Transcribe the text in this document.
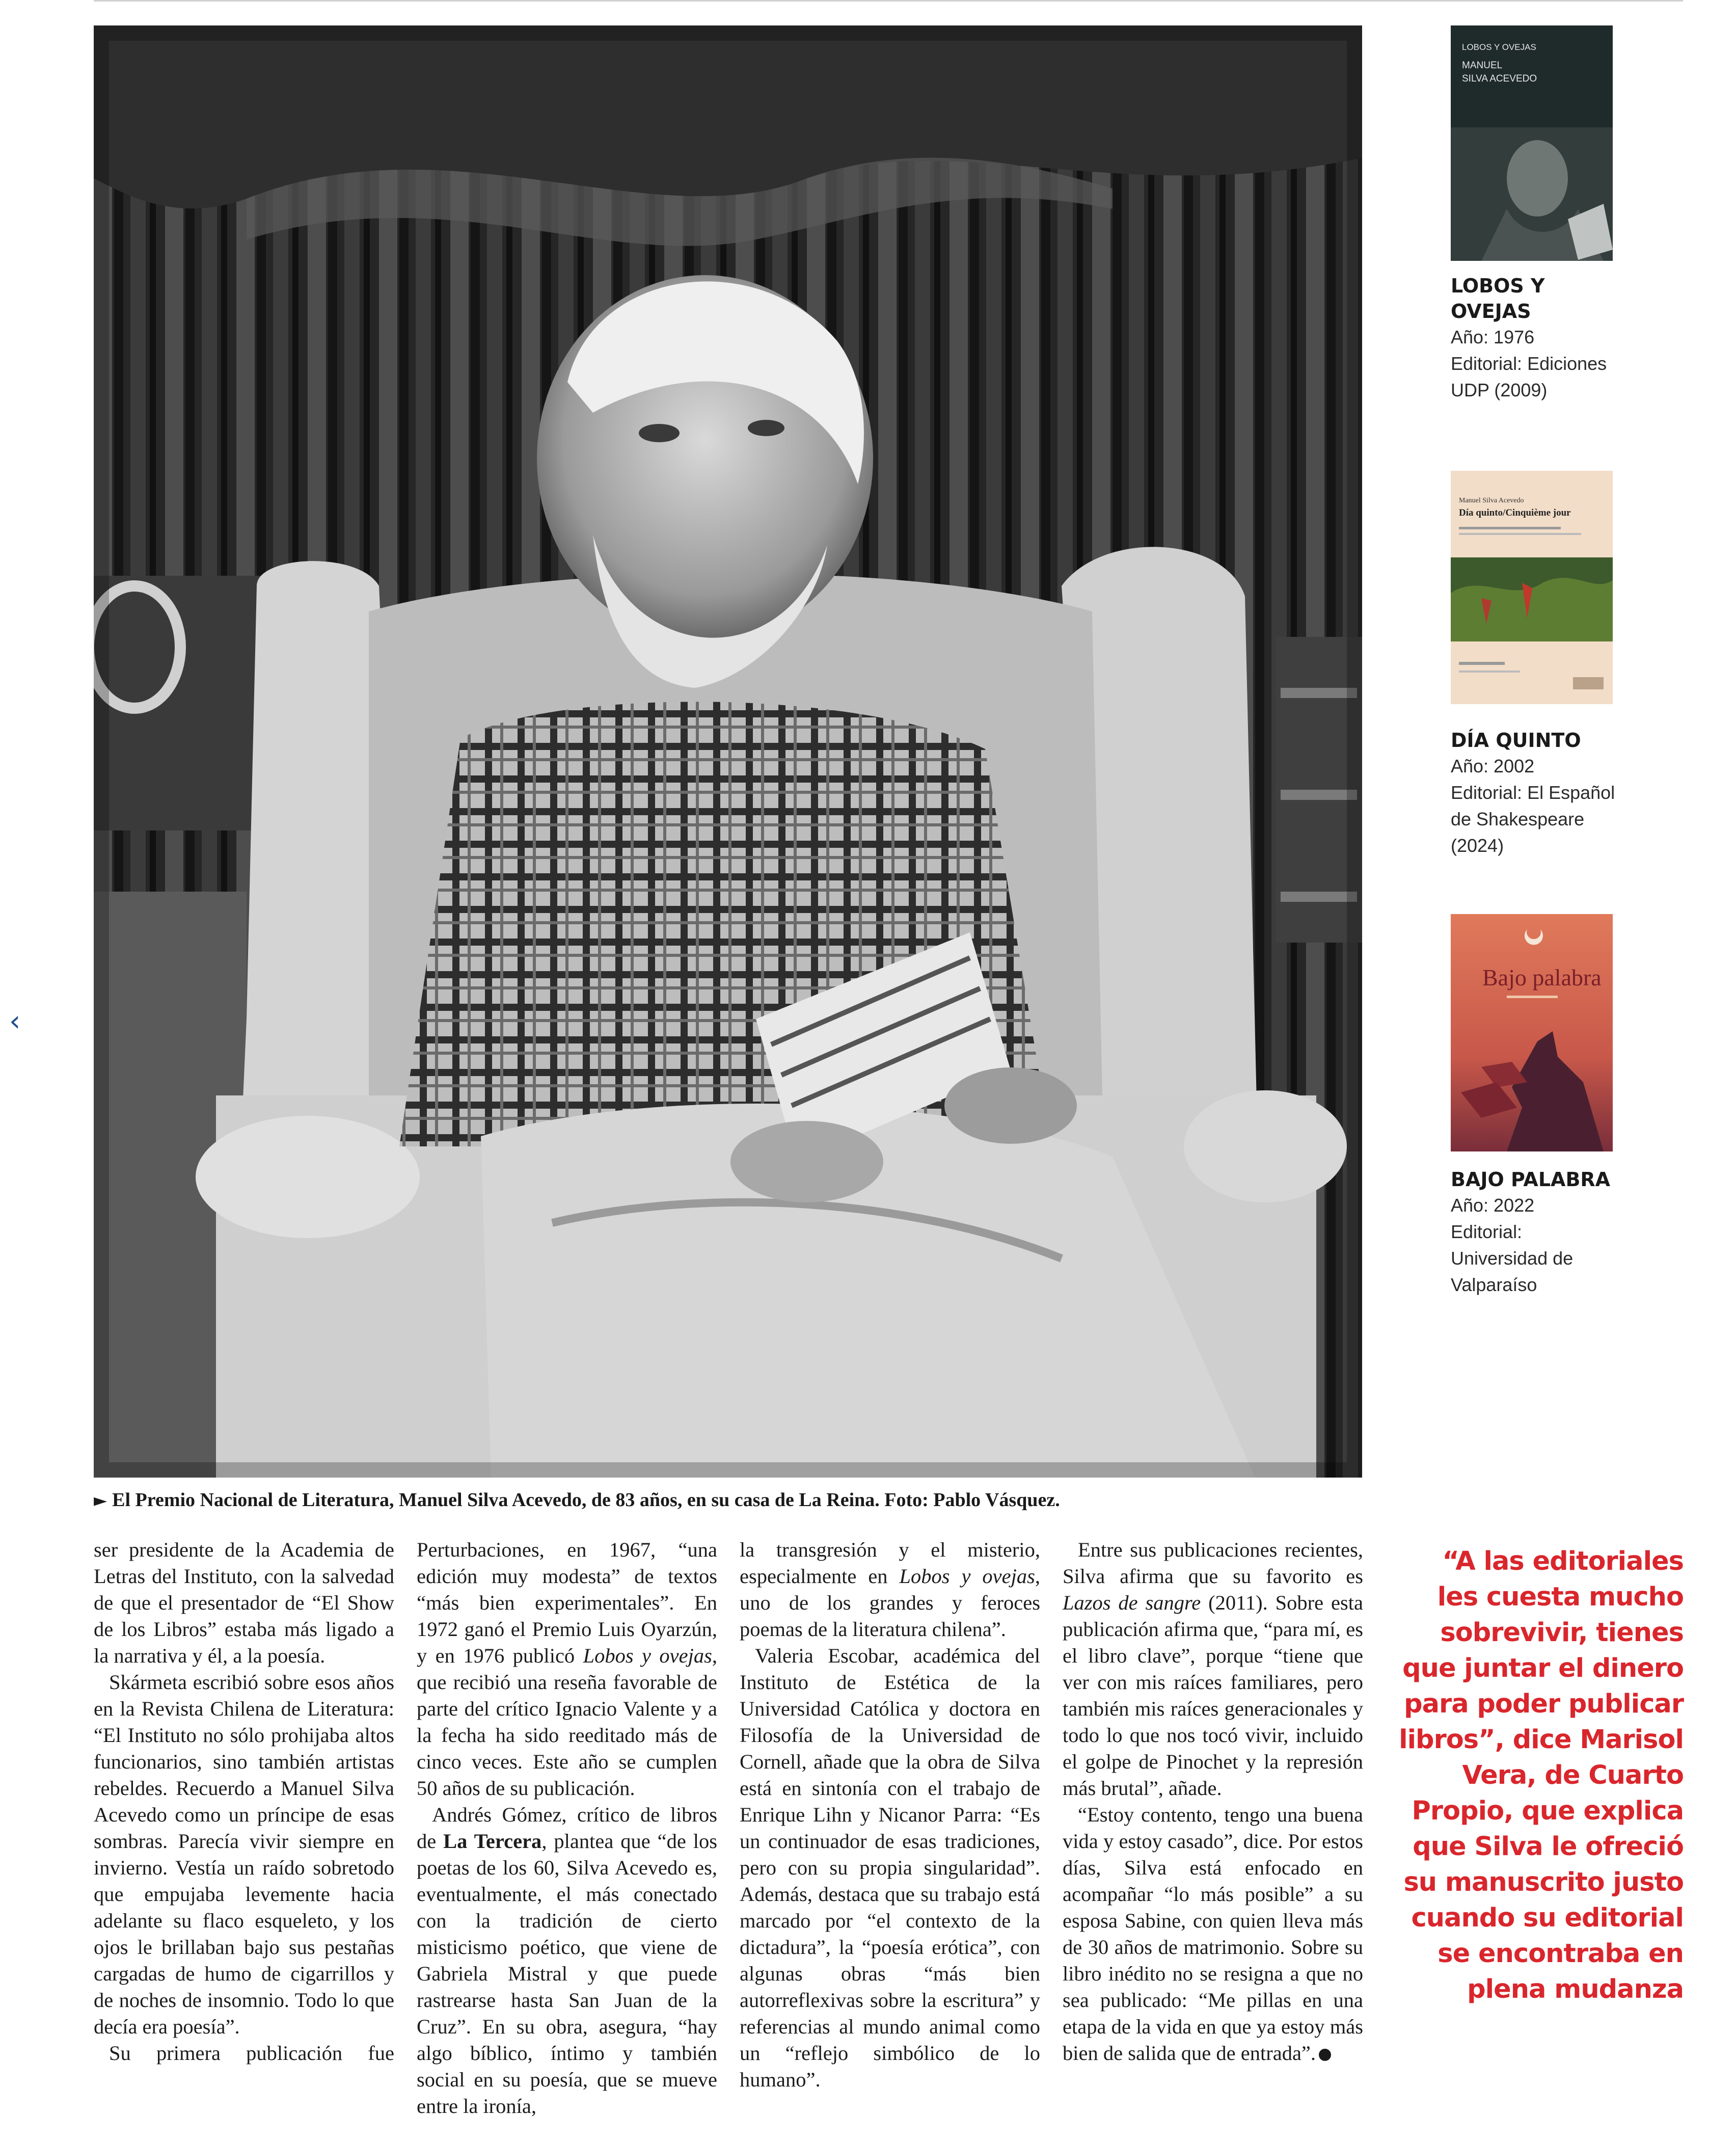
‹
► El Premio Nacional de Literatura, Manuel Silva Acevedo, de 83 años, en su casa de La Reina. Foto: Pablo Vásquez.
LOBOS Y OVEJAS
MANUEL
SILVA ACEVEDO
LOBOS Y OVEJAS
Año: 1976
Editorial: Ediciones UDP (2009)
Manuel Silva Acevedo
Día quinto/Cinquième jour
DÍA QUINTO
Año: 2002
Editorial: El Español de Shakespeare (2024)
Bajo palabra
BAJO PALABRA
Año: 2022
Editorial: Universidad de Valparaíso

ser presidente de la Academia de Letras del Instituto, con la salvedad de que el presentador de “El Show de los Libros” estaba más ligado a la narrativa y él, a la poesía.

Skármeta escribió sobre esos años en la Revista Chilena de Literatura: “El Instituto no sólo prohijaba altos funcionarios, sino también artistas rebeldes. Recuerdo a Manuel Silva Acevedo como un príncipe de esas sombras. Parecía vivir siempre en invierno. Vestía un raído sobretodo que empujaba levemente hacia adelante su flaco esqueleto, y los ojos le brillaban bajo sus pestañas cargadas de humo de cigarrillos y de noches de insomnio. Todo lo que decía era poesía”.

Su primera publicación fue

Perturbaciones, en 1967, “una edición muy modesta” de textos “más bien experimentales”. En 1972 ganó el Premio Luis Oyarzún, y en 1976 publicó Lobos y ovejas, que recibió una reseña favorable de parte del crítico Ignacio Valente y a la fecha ha sido reeditado más de cinco veces. Este año se cumplen 50 años de su publicación.

Andrés Gómez, crítico de libros de La Tercera, plantea que “de los poetas de los 60, Silva Acevedo es, eventualmente, el más conectado con la tradición de cierto misticismo poético, que viene de Gabriela Mistral y que puede rastrearse hasta San Juan de la Cruz”. En su obra, asegura, “hay algo bíblico, íntimo y también social en su poesía, que se mueve entre la ironía,

la transgresión y el misterio, especialmente en Lobos y ovejas, uno de los grandes y feroces poemas de la literatura chilena”.

Valeria Escobar, académica del Instituto de Estética de la Universidad Católica y doctora en Filosofía de la Universidad de Cornell, añade que la obra de Silva está en sintonía con el trabajo de Enrique Lihn y Nicanor Parra: “Es un continuador de esas tradiciones, pero con su propia singularidad”. Además, destaca que su trabajo está marcado por “el contexto de la dictadura”, la “poesía erótica”, con algunas obras “más bien autorreflexivas sobre la escritura” y referencias al mundo animal como un “reflejo simbólico de lo humano”.

Entre sus publicaciones recientes, Silva afirma que su favorito es Lazos de sangre (2011). Sobre esta publicación afirma que, “para mí, es el libro clave”, porque “tiene que ver con mis raíces familiares, pero también mis raíces generacionales y todo lo que nos tocó vivir, incluido el golpe de Pinochet y la represión más brutal”, añade.

“Estoy contento, tengo una buena vida y estoy casado”, dice. Por estos días, Silva está enfocado en acompañar “lo más posible” a su esposa Sabine, con quien lleva más de 30 años de matrimonio. Sobre su libro inédito no se resigna a que no sea publicado: “Me pillas en una etapa de la vida en que ya estoy más bien de salida que de entrada”.

“A las editoriales les cuesta mucho sobrevivir, tienes que juntar el dinero para poder publicar libros”, dice Marisol Vera, de Cuarto Propio, que explica que Silva le ofreció su manuscrito justo cuando su editorial se encontraba en plena mudanza
